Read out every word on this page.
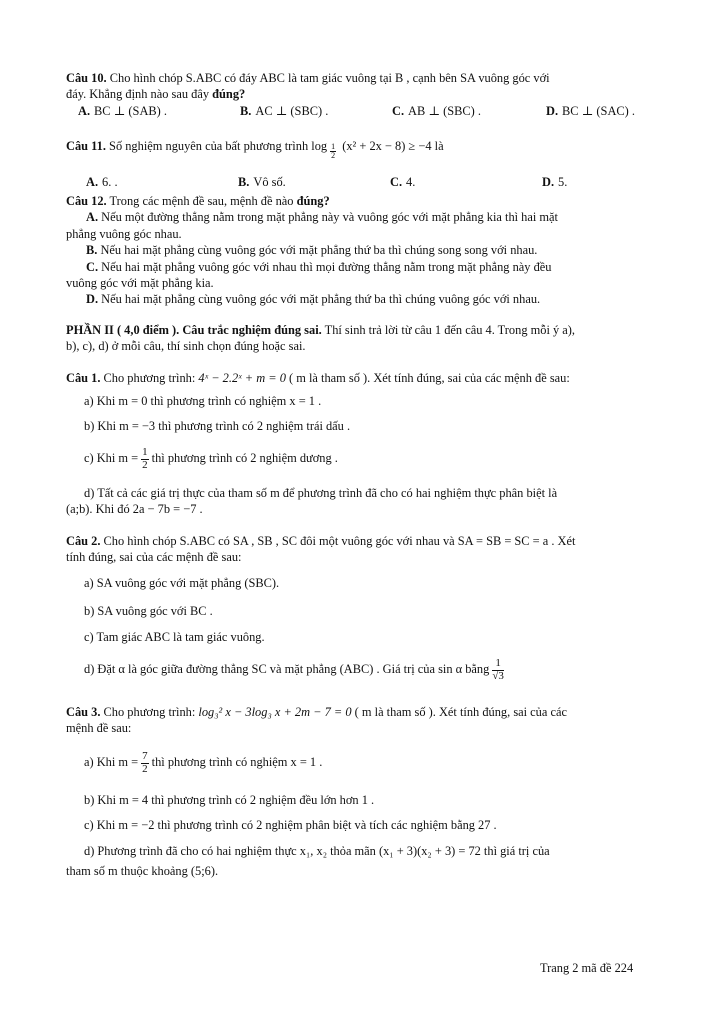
Câu 10. Cho hình chóp S.ABC có đáy ABC là tam giác vuông tại B , cạnh bên SA vuông góc với
đáy. Khẳng định nào sau đây đúng?
A. BC ⊥ (SAB) .	B. AC ⊥ (SBC) .	C. AB ⊥ (SBC) .	D. BC ⊥ (SAC) .
Câu 11. Số nghiệm nguyên của bất phương trình $\log \frac{1}{2} (x^2 + 2x - 8) \ge -4$ là
A. 6. .	B. Vô số.	C. 4.	D. 5.
Câu 12. Trong các mệnh đề sau, mệnh đề nào đúng?
A. Nếu một đường thẳng nằm trong mặt phẳng này và vuông góc với mặt phẳng kia thì hai mặt
phẳng vuông góc nhau.
B. Nếu hai mặt phẳng cùng vuông góc với mặt phẳng thứ ba thì chúng song song với nhau.
C. Nếu hai mặt phẳng vuông góc với nhau thì mọi đường thẳng nằm trong mặt phẳng này đều
vuông góc với mặt phẳng kia.
D. Nếu hai mặt phẳng cùng vuông góc với mặt phẳng thứ ba thì chúng vuông góc với nhau.
PHẦN II ( 4,0 điểm ). Câu trắc nghiệm đúng sai. Thí sinh trả lời từ câu 1 đến câu 4. Trong mỗi ý a),
b), c), d) ở mỗi câu, thí sinh chọn đúng hoặc sai.
Câu 1. Cho phương trình: 4ˣ − 2.2ˣ + m = 0 ( m là tham số ). Xét tính đúng, sai của các mệnh đề sau:
a) Khi m = 0 thì phương trình có nghiệm x = 1 .
b) Khi m = −3 thì phương trình có 2 nghiệm trái dấu .
c) Khi $m = \frac{1}{2}$ thì phương trình có 2 nghiệm dương .
d) Tất cả các giá trị thực của tham số m để phương trình đã cho có hai nghiệm thực phân biệt là
(a;b). Khi đó 2a − 7b = −7 .
Câu 2. Cho hình chóp S.ABC có SA , SB , SC đôi một vuông góc với nhau và SA = SB = SC = a . Xét
tính đúng, sai của các mệnh đề sau:
a) SA vuông góc với mặt phẳng (SBC).
b) SA vuông góc với BC .
c) Tam giác ABC là tam giác vuông.
d) Đặt α là góc giữa đường thẳng SC và mặt phẳng (ABC) . Giá trị của sin α bằng $\frac{1}{√3}$
Câu 3. Cho phương trình: log₃² x − 3log₃ x + 2m − 7 = 0 ( m là tham số ). Xét tính đúng, sai của các
mệnh đề sau:
a) Khi $m = \frac{7}{2}$ thì phương trình có nghiệm x = 1 .
b) Khi m = 4 thì phương trình có 2 nghiệm đều lớn hơn 1 .
c) Khi m = −2 thì phương trình có 2 nghiệm phân biệt và tích các nghiệm bằng 27 .
d) Phương trình đã cho có hai nghiệm thực x₁, x₂ thỏa mãn (x₁ + 3)(x₂ + 3) = 72 thì giá trị của
tham số m thuộc khoảng (5;6).
Trang 2 mã đề 224
